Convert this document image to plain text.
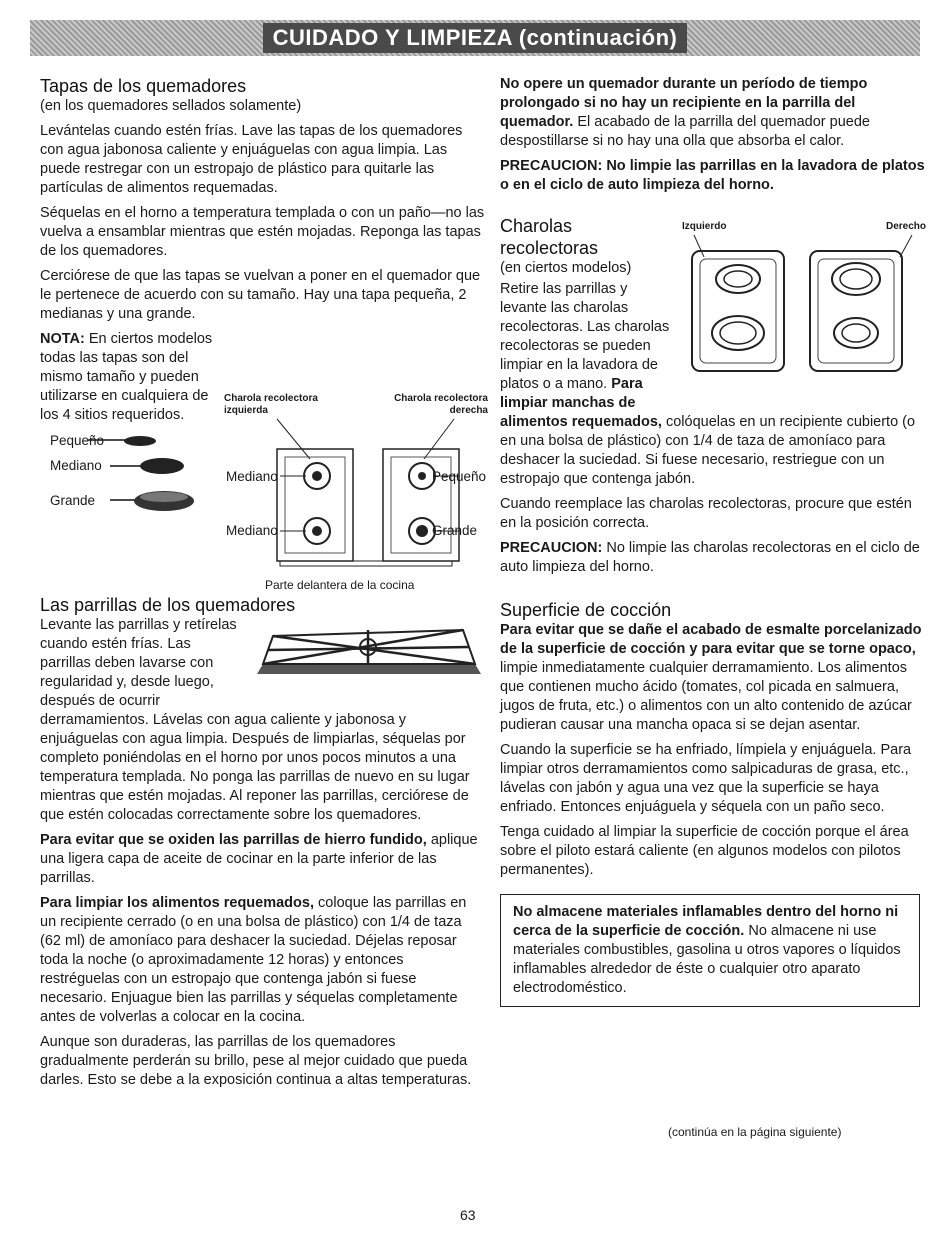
CUIDADO Y LIMPIEZA (continuación)
Tapas de los quemadores

(en los quemadores sellados solamente)

Levántelas cuando estén frías. Lave las tapas de los quemadores con agua jabonosa caliente y enjuáguelas con agua limpia. Las puede restregar con un estropajo de plástico para quitarle las partículas de alimentos requemadas.

Séquelas en el horno a temperatura templada o con un paño—no las vuelva a ensamblar mientras que estén mojadas. Reponga las tapas de los quemadores.

Cerciórese de que las tapas se vuelvan a poner en el quemador que le pertenece de acuerdo con su tamaño. Hay una tapa pequeña, 2 medianas y una grande.

NOTA: En ciertos modelos todas las tapas son del mismo tamaño y pueden utilizarse en cualquiera de los 4 sitios requeridos.

Pequeño
Mediano
Grande
Charola recolectora izquierda
Charola recolectora derecha
Mediano
Mediano
Pequeño
Grande
Parte delantera de la cocina
Las parrillas de los quemadores

Levante las parrillas y retírelas cuando estén frías. Las parrillas deben lavarse con regularidad y, desde luego, después de ocurrir derramamientos. Lávelas con agua caliente y jabonosa y enjuáguelas con agua limpia. Después de limpiarlas, séquelas por completo poniéndolas en el horno por unos pocos minutos a una temperatura templada. No ponga las parrillas de nuevo en su lugar mientras que estén mojadas. Al reponer las parrillas, cerciórese de que estén colocadas correctamente sobre los quemadores.

Para evitar que se oxiden las parrillas de hierro fundido, aplique una ligera capa de aceite de cocinar en la parte inferior de las parrillas.

Para limpiar los alimentos requemados, coloque las parrillas en un recipiente cerrado (o en una bolsa de plástico) con 1/4 de taza (62 ml) de amoníaco para deshacer la suciedad. Déjelas reposar toda la noche (o aproximadamente 12 horas) y entonces restréguelas con un estropajo que contenga jabón si fuese necesario. Enjuague bien las parrillas y séquelas completamente antes de volverlas a colocar en la cocina.

Aunque son duraderas, las parrillas de los quemadores gradualmente perderán su brillo, pese al mejor cuidado que pueda darles. Esto se debe a la exposición continua a altas temperaturas.

No opere un quemador durante un período de tiempo prolongado si no hay un recipiente en la parrilla del quemador. El acabado de la parrilla del quemador puede despostillarse si no hay una olla que absorba el calor.

PRECAUCION: No limpie las parrillas en la lavadora de platos o en el ciclo de auto limpieza del horno.

Izquierdo	Derecho
Charolas recolectoras

(en ciertos modelos)

Retire las parrillas y levante las charolas recolectoras. Las charolas recolectoras se pueden limpiar en la lavadora de platos o a mano. Para limpiar manchas de alimentos requemados, colóquelas en un recipiente cubierto (o en una bolsa de plástico) con 1/4 de taza de amoníaco para deshacer la suciedad. Si fuese necesario, restriegue con un estropajo que contenga jabón.

Cuando reemplace las charolas recolectoras, procure que estén en la posición correcta.

PRECAUCION: No limpie las charolas recolectoras en el ciclo de auto limpieza del horno.

Superficie de cocción

Para evitar que se dañe el acabado de esmalte porcelanizado de la superficie de cocción y para evitar que se torne opaco, limpie inmediatamente cualquier derramamiento. Los alimentos que contienen mucho ácido (tomates, col picada en salmuera, jugos de fruta, etc.) o alimentos con un alto contenido de azúcar pudieran causar una mancha opaca si se dejan asentar.

Cuando la superficie se ha enfriado, límpiela y enjuáguela. Para limpiar otros derramamientos como salpicaduras de grasa, etc., lávelas con jabón y agua una vez que la superficie se haya enfriado. Entonces enjuáguela y séquela con un paño seco.

Tenga cuidado al limpiar la superficie de cocción porque el área sobre el piloto estará caliente (en algunos modelos con pilotos permanentes).

No almacene materiales inflamables dentro del horno ni cerca de la superficie de cocción. No almacene ni use materiales combustibles, gasolina u otros vapores o líquidos inflamables alrededor de éste o cualquier otro aparato electrodoméstico.
(continúa en la página siguiente)
63
